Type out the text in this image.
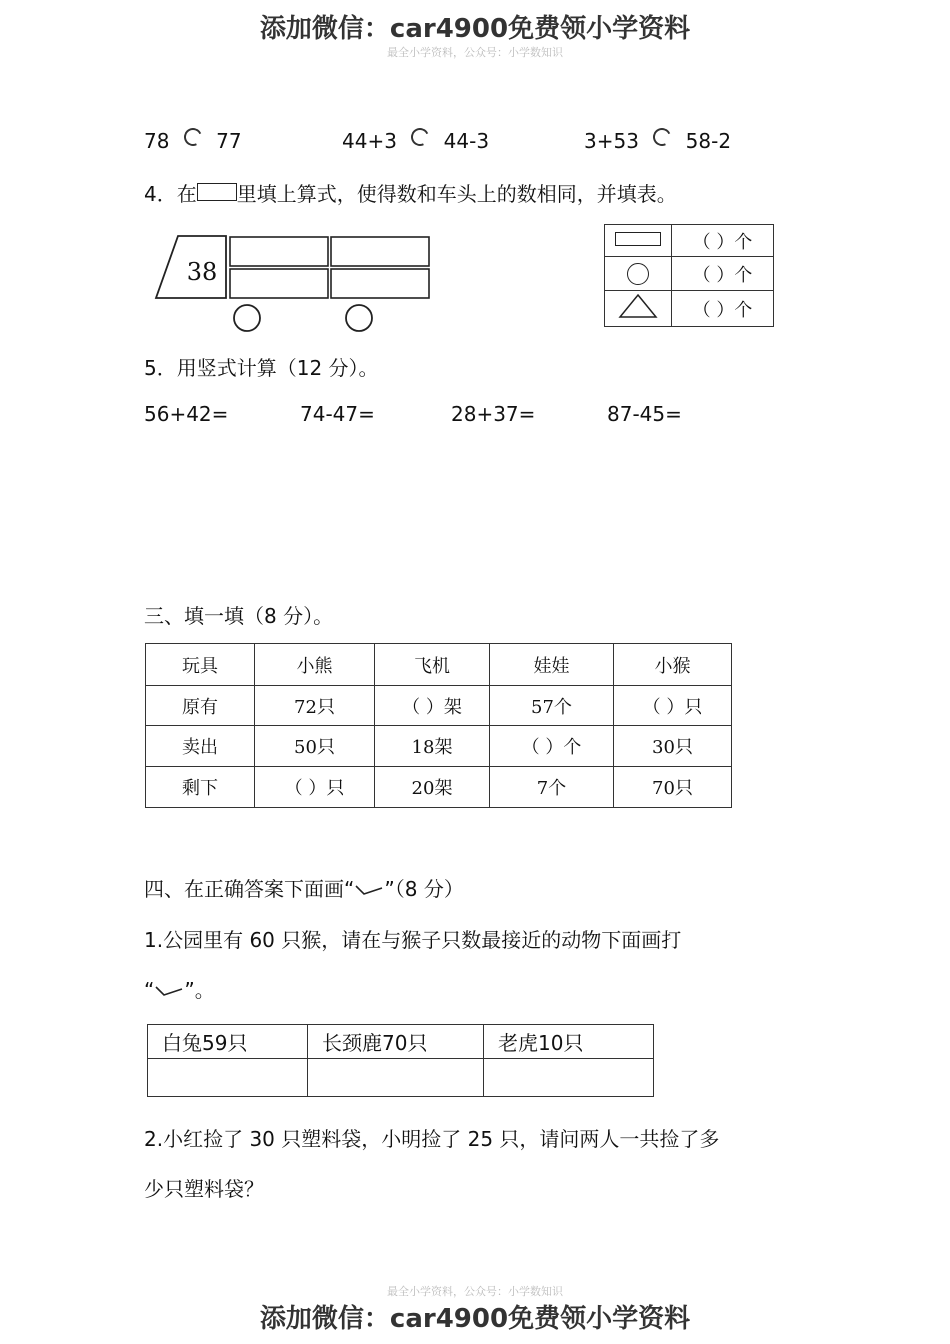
添加微信：car4900免费领小学资料
最全小学资料，公众号：小学数知识
78 77	44+3 44-3	3+53 58-2
4．在 里填上算式，使得数和车头上的数相同，并填表。
38
	（ ）个
	（ ）个
	（ ）个
5．用竖式计算（12 分）。
56+42=	74-47=	28+37=	87-45=
三、填一填（8 分）。
玩具	小熊	飞机	娃娃	小猴
原有	72只	（ ）架	57个	（ ）只
卖出	50只	18架	（ ）个	30只
剩下	（ ）只	20架	7个	70只
四、在正确答案下面画“ ”（8 分）
1.公园里有 60 只猴，请在与猴子只数最接近的动物下面画打
“ ”。
白兔59只	长颈鹿70只	老虎10只

2.小红捡了 30 只塑料袋，小明捡了 25 只，请问两人一共捡了多
少只塑料袋？
最全小学资料，公众号：小学数知识
添加微信：car4900免费领小学资料
